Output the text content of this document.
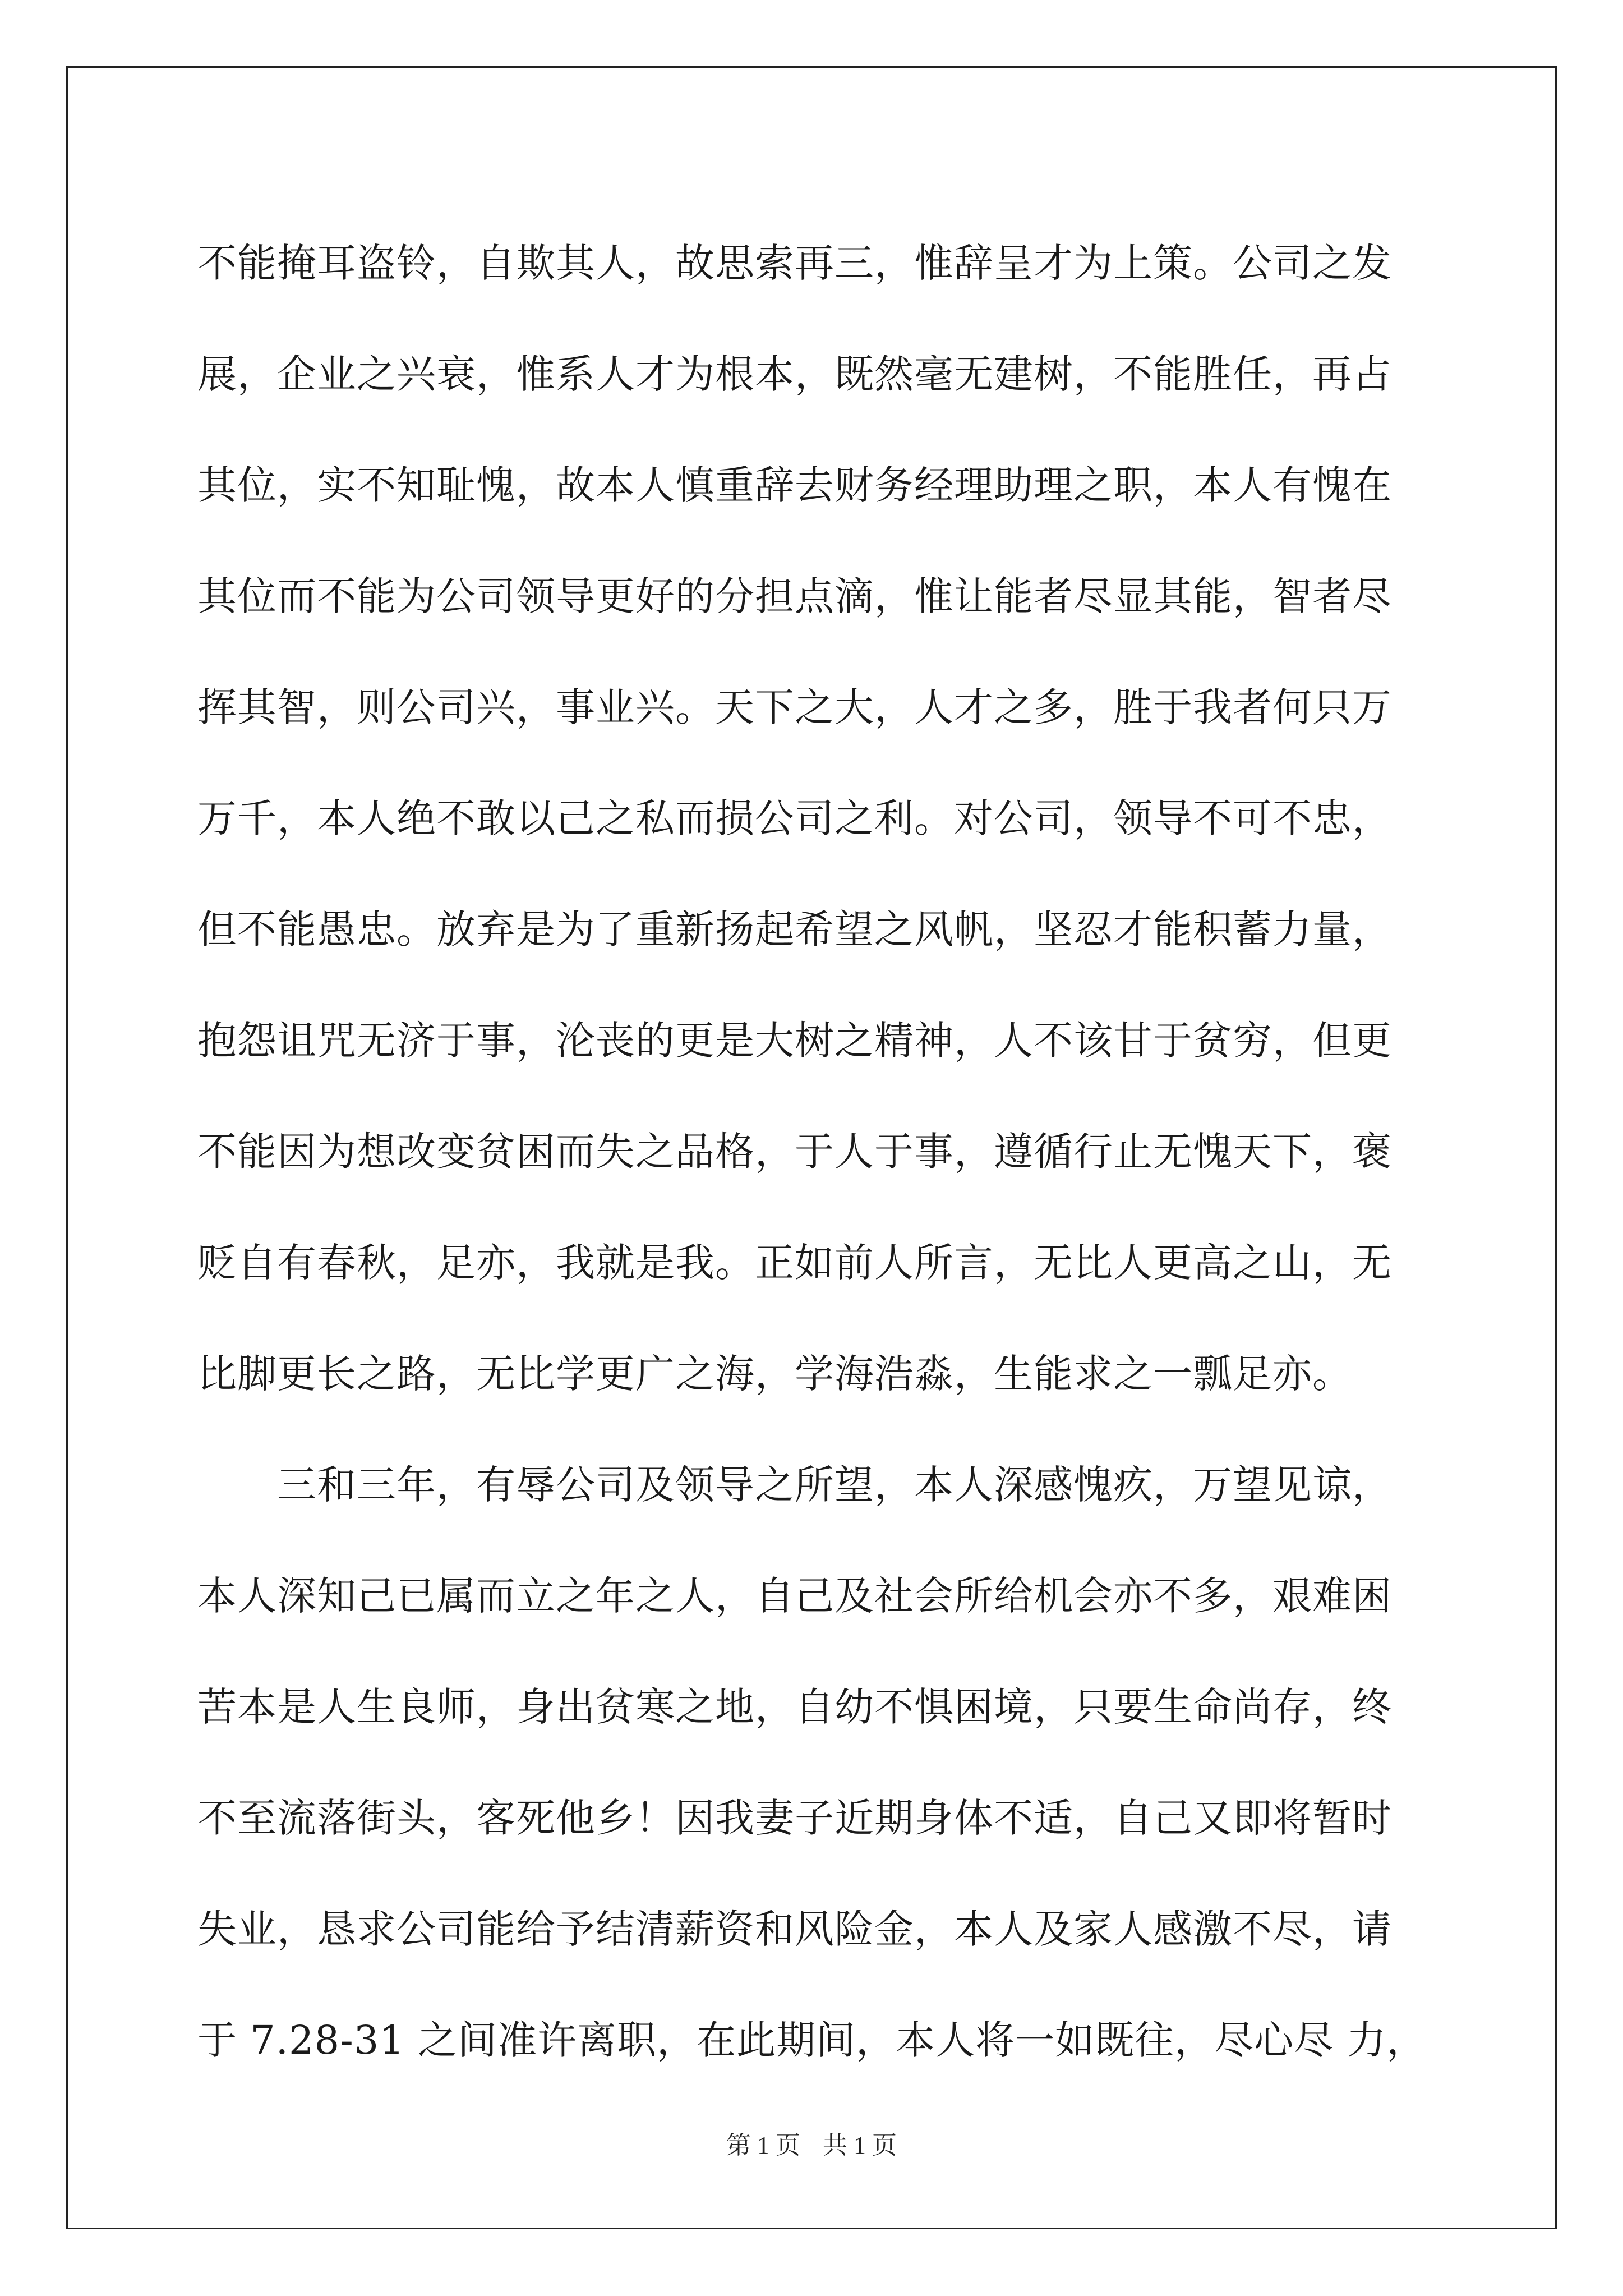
不能掩耳盗铃，自欺其人，故思索再三，惟辞呈才为上策。公司之发
展，企业之兴衰，惟系人才为根本，既然毫无建树，不能胜任，再占
其位，实不知耻愧，故本人慎重辞去财务经理助理之职，本人有愧在
其位而不能为公司领导更好的分担点滴，惟让能者尽显其能，智者尽
挥其智，则公司兴，事业兴。天下之大，人才之多，胜于我者何只万
万千，本人绝不敢以己之私而损公司之利。对公司，领导不可不忠，
但不能愚忠。放弃是为了重新扬起希望之风帆，坚忍才能积蓄力量，
抱怨诅咒无济于事，沦丧的更是大树之精神，人不该甘于贫穷，但更
不能因为想改变贫困而失之品格，于人于事，遵循行止无愧天下，褒
贬自有春秋，足亦，我就是我。正如前人所言，无比人更高之山，无
比脚更长之路，无比学更广之海，学海浩淼，生能求之一瓢足亦。
　　三和三年，有辱公司及领导之所望，本人深感愧疚，万望见谅，
本人深知己已属而立之年之人，自己及社会所给机会亦不多，艰难困
苦本是人生良师，身出贫寒之地，自幼不惧困境，只要生命尚存，终
不至流落街头，客死他乡！因我妻子近期身体不适，自己又即将暂时
失业，恳求公司能给予结清薪资和风险金，本人及家人感激不尽，请
于 7.28-31 之间准许离职，在此期间，本人将一如既往，尽心尽 力，
第 1 页 共 1 页
